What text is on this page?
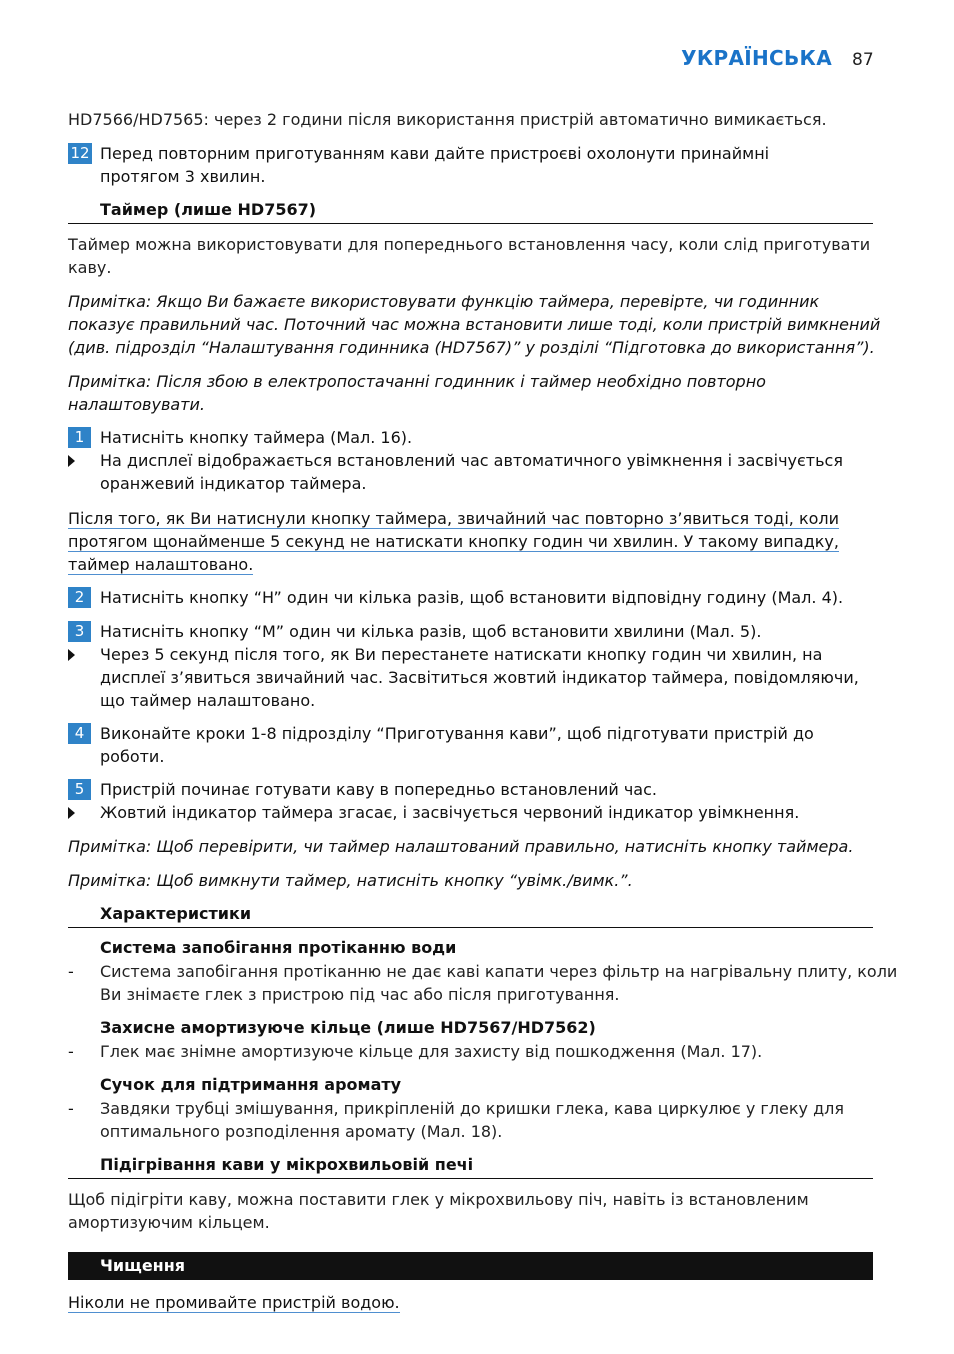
УКРАЇНСЬКА 87
HD7566/HD7565: через 2 години після використання пристрій автоматично вимикається.
12 Перед повторним приготуванням кави дайте пристроєві охолонути принаймні
протягом 3 хвилин.
Таймер (лише HD7567)
Таймер можна використовувати для попереднього встановлення часу, коли слід приготувати
каву.
Примітка: Якщо Ви бажаєте використовувати функцію таймера, перевірте, чи годинник
показує правильний час. Поточний час можна встановити лише тоді, коли пристрій вимкнений
(див. підрозділ “Налаштування годинника (HD7567)” у розділі “Підготовка до використання”).
Примітка: Після збою в електропостачанні годинник і таймер необхідно повторно
налаштовувати.
1 Натисніть кнопку таймера (Мал. 16).
На дисплеї відображається встановлений час автоматичного увімкнення і засвічується
оранжевий індикатор таймера.
Після того, як Ви натиснули кнопку таймера, звичайний час повторно з’явиться тоді, коли
протягом щонайменше 5 секунд не натискати кнопку годин чи хвилин. У такому випадку,
таймер налаштовано.
2 Натисніть кнопку “H” один чи кілька разів, щоб встановити відповідну годину (Мал. 4).
3 Натисніть кнопку “M” один чи кілька разів, щоб встановити хвилини (Мал. 5).
Через 5 секунд після того, як Ви перестанете натискати кнопку годин чи хвилин, на
дисплеї з’явиться звичайний час. Засвітиться жовтий індикатор таймера, повідомляючи,
що таймер налаштовано.
4 Виконайте кроки 1-8 підрозділу “Приготування кави”, щоб підготувати пристрій до
роботи.
5 Пристрій починає готувати каву в попередньо встановлений час.
Жовтий індикатор таймера згасає, і засвічується червоний індикатор увімкнення.
Примітка: Щоб перевірити, чи таймер налаштований правильно, натисніть кнопку таймера.
Примітка: Щоб вимкнути таймер, натисніть кнопку “увімк./вимк.”.
Характеристики
Система запобігання протіканню води
- Система запобігання протіканню не дає каві капати через фільтр на нагрівальну плиту, коли
Ви знімаєте глек з пристрою під час або після приготування.
Захисне амортизуюче кільце (лише HD7567/HD7562)
- Глек має знімне амортизуюче кільце для захисту від пошкодження (Мал. 17).
Сучок для підтримання аромату
- Завдяки трубці змішування, прикріпленій до кришки глека, кава циркулює у глеку для
оптимального розподілення аромату (Мал. 18).
Підігрівання кави у мікрохвильовій печі
Щоб підігріти каву, можна поставити глек у мікрохвильову піч, навіть із встановленим
амортизуючим кільцем.
Чищення
Ніколи не промивайте пристрій водою.
